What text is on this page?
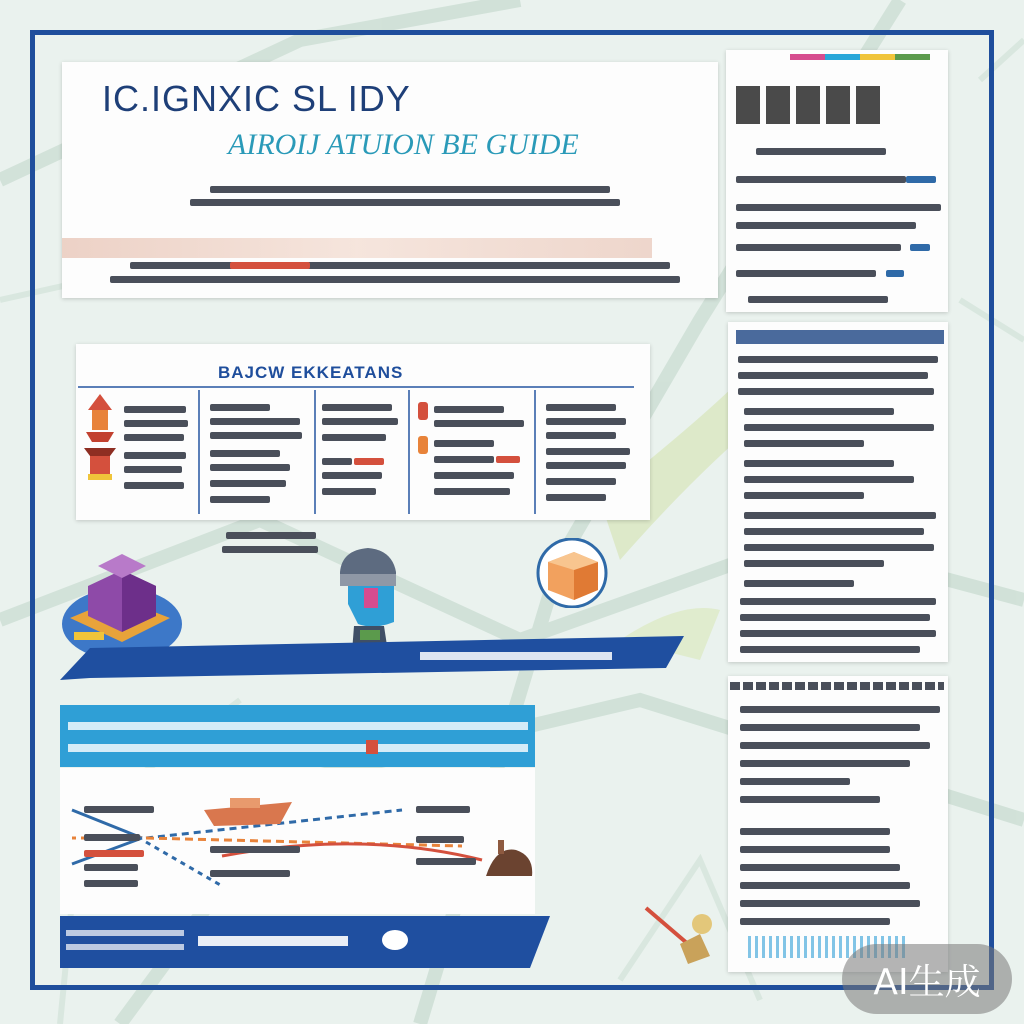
IC.IGNXIC SL IDY
AIROIJ ATUION BE GUIDE
BAJCW EKKEATANS
AI生成
